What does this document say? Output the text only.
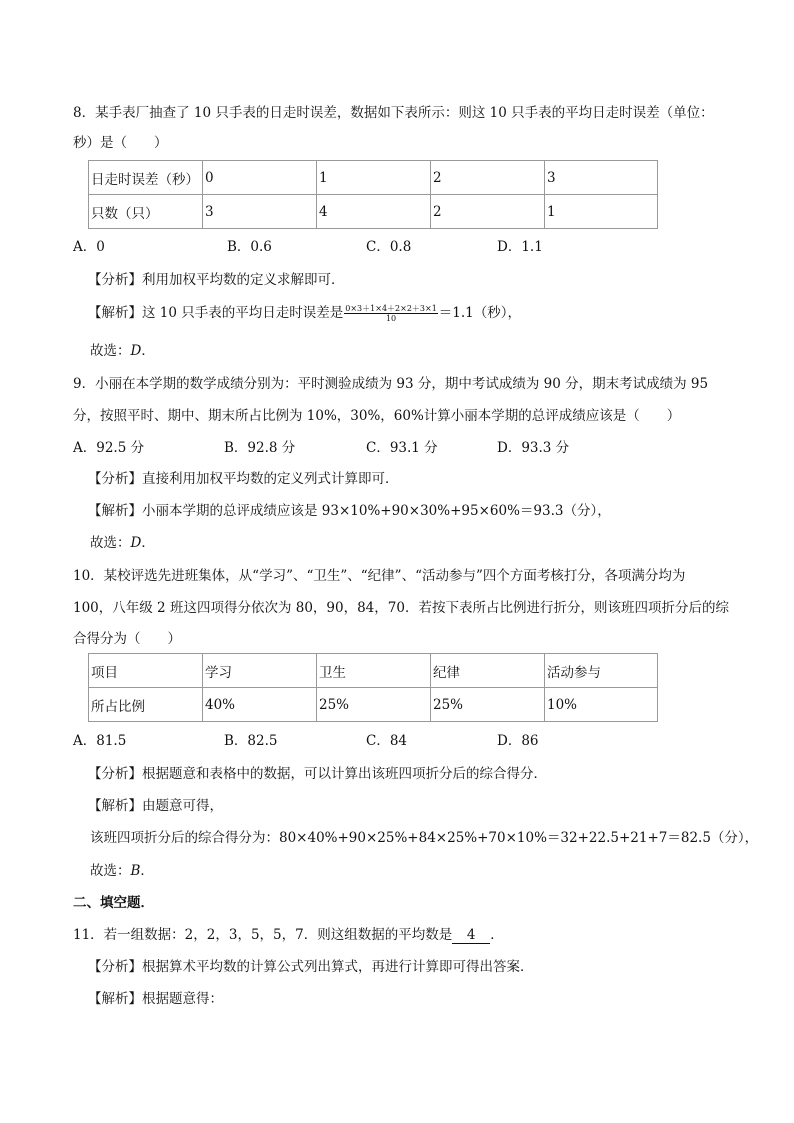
8．某手表厂抽查了 10 只手表的日走时误差，数据如下表所示：则这 10 只手表的平均日走时误差（单位：
秒）是（　　）
日走时误差（秒）	0	1	2	3
只数（只）	3	4	2	1
A．0	B．0.6	C．0.8	D．1.1
【分析】利用加权平均数的定义求解即可．
【解析】这 10 只手表的平均日走时误差是 $\frac{0\times 3+1\times 4+2\times 2+3\times 1}{10} =1.1$（秒），
故选：D．
9．小丽在本学期的数学成绩分别为：平时测验成绩为 93 分，期中考试成绩为 90 分，期末考试成绩为 95
分，按照平时、期中、期末所占比例为 10%，30%，60%计算小丽本学期的总评成绩应该是（　　）
A．92.5 分	B．92.8 分	C．93.1 分	D．93.3 分
【分析】直接利用加权平均数的定义列式计算即可．
【解析】小丽本学期的总评成绩应该是 93×10%+90×30%+95×60%＝93.3（分），
故选：D．
10．某校评选先进班集体，从“学习”、“卫生”、“纪律”、“活动参与”四个方面考核打分，各项满分均为
100，八年级 2 班这四项得分依次为 80，90，84，70．若按下表所占比例进行折分，则该班四项折分后的综
合得分为（　　）
项目	学习	卫生	纪律	活动参与
所占比例	40%	25%	25%	10%
A．81.5	B．82.5	C．84	D．86
【分析】根据题意和表格中的数据，可以计算出该班四项折分后的综合得分．
【解析】由题意可得，
该班四项折分后的综合得分为：80×40%+90×25%+84×25%+70×10%＝32+22.5+21+7＝82.5（分），
故选：B．
二、填空题．
11．若一组数据：2，2，3，5，5，7．则这组数据的平均数是 4 ．
【分析】根据算术平均数的计算公式列出算式，再进行计算即可得出答案．
【解析】根据题意得：
